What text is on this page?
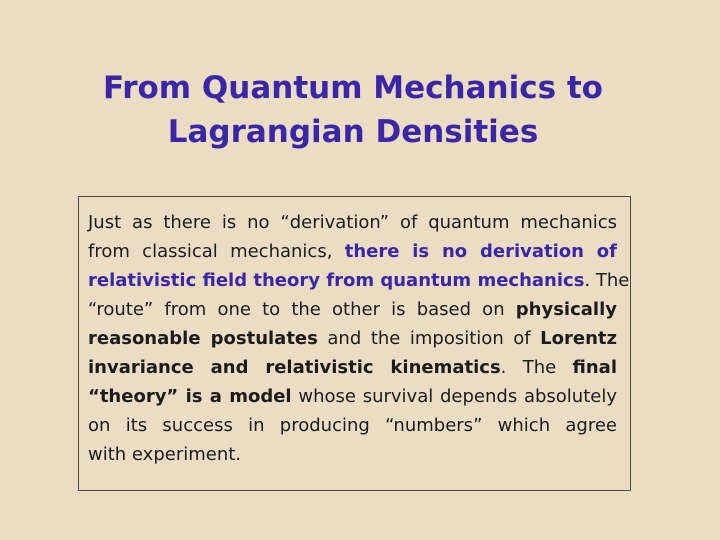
From Quantum Mechanics to
Lagrangian Densities
Just as there is no “derivation” of quantum mechanics
from classical mechanics, there is no derivation of
relativistic field theory from quantum mechanics. The
“route” from one to the other is based on physically
reasonable postulates and the imposition of Lorentz
invariance and relativistic kinematics. The final
“theory” is a model whose survival depends absolutely
on its success in producing “numbers” which agree
with experiment.
